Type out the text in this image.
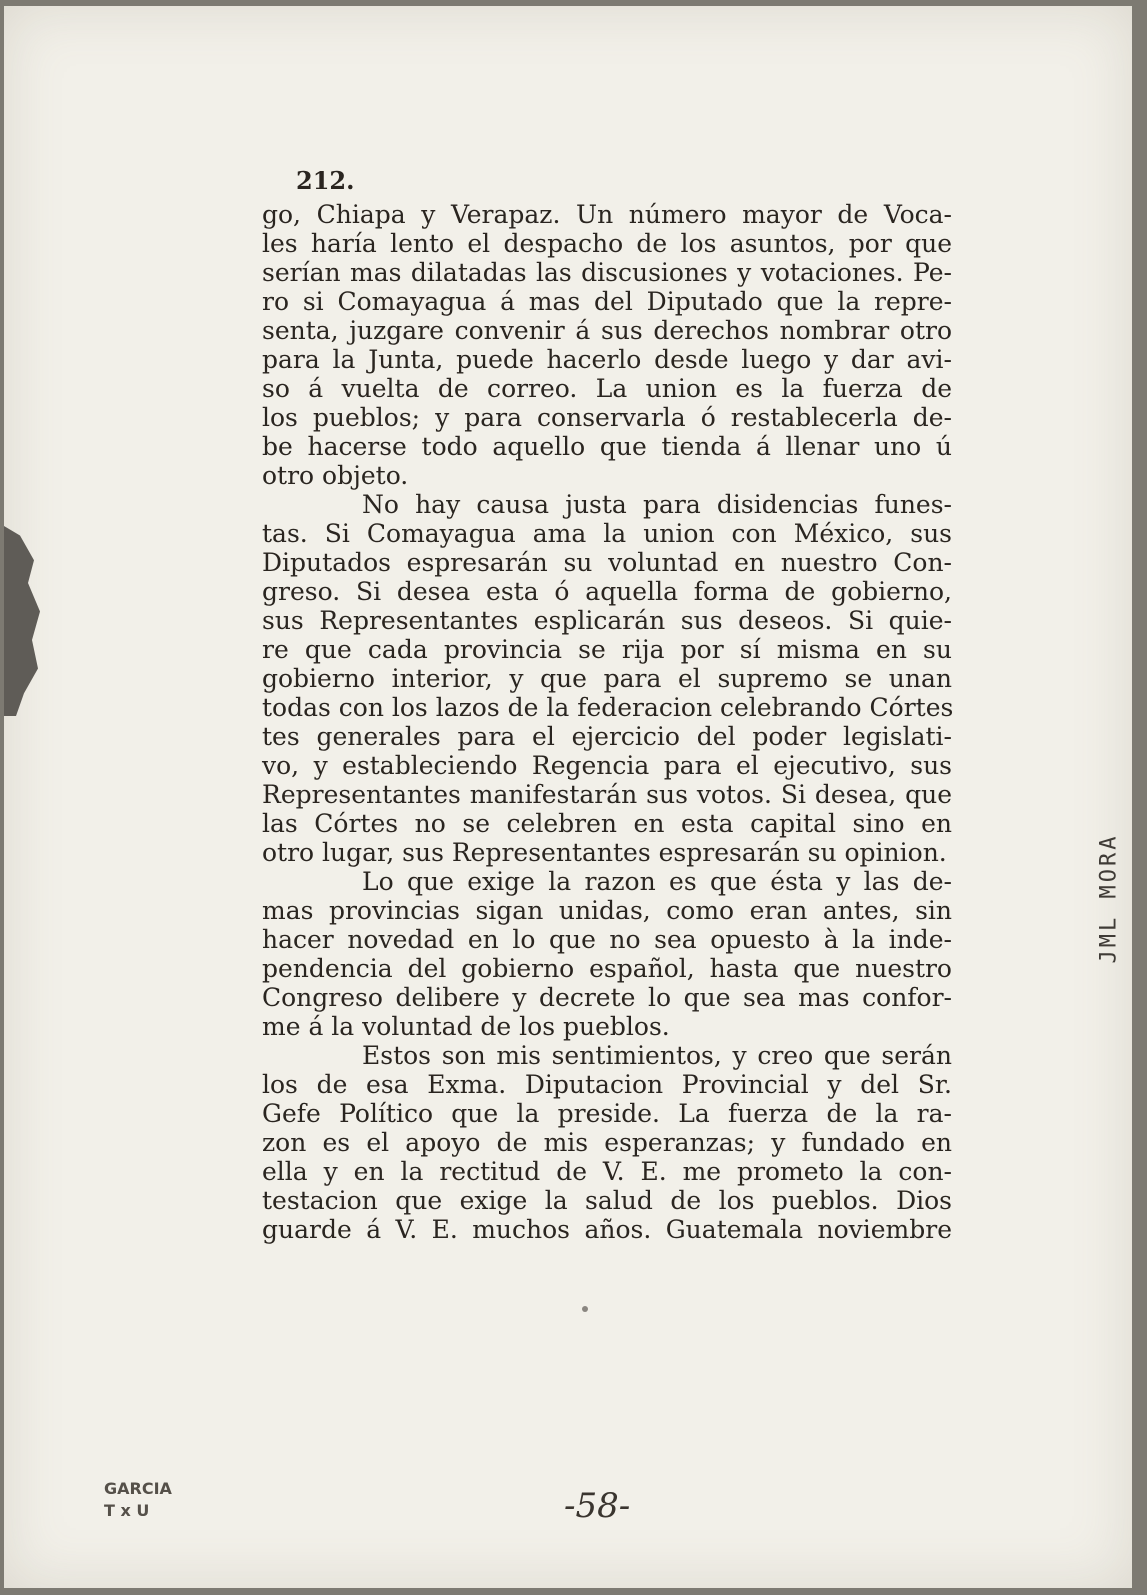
212.
go, Chiapa y Verapaz. Un número mayor de Voca-
les haría lento el despacho de los asuntos, por que
serían mas dilatadas las discusiones y votaciones. Pe-
ro si Comayagua á mas del Diputado que la repre-
senta, juzgare convenir á sus derechos nombrar otro
para la Junta, puede hacerlo desde luego y dar avi-
so á vuelta de correo. La union es la fuerza de
los pueblos; y para conservarla ó restablecerla de-
be hacerse todo aquello que tienda á llenar uno ú
otro objeto.
No hay causa justa para disidencias funes-
tas. Si Comayagua ama la union con México, sus
Diputados espresarán su voluntad en nuestro Con-
greso. Si desea esta ó aquella forma de gobierno,
sus Representantes esplicarán sus deseos. Si quie-
re que cada provincia se rija por sí misma en su
gobierno interior, y que para el supremo se unan
todas con los lazos de la federacion celebrando Córtes
tes generales para el ejercicio del poder legislati-
vo, y estableciendo Regencia para el ejecutivo, sus
Representantes manifestarán sus votos. Si desea, que
las Córtes no se celebren en esta capital sino en
otro lugar, sus Representantes espresarán su opinion.
Lo que exige la razon es que ésta y las de-
mas provincias sigan unidas, como eran antes, sin
hacer novedad en lo que no sea opuesto à la inde-
pendencia del gobierno español, hasta que nuestro
Congreso delibere y decrete lo que sea mas confor-
me á la voluntad de los pueblos.
Estos son mis sentimientos, y creo que serán
los de esa Exma. Diputacion Provincial y del Sr.
Gefe Político que la preside. La fuerza de la ra-
zon es el apoyo de mis esperanzas; y fundado en
ella y en la rectitud de V. E. me prometo la con-
testacion que exige la salud de los pueblos. Dios
guarde á V. E. muchos años. Guatemala noviembre
JML MORA
GARCIA
T x U	-58-
